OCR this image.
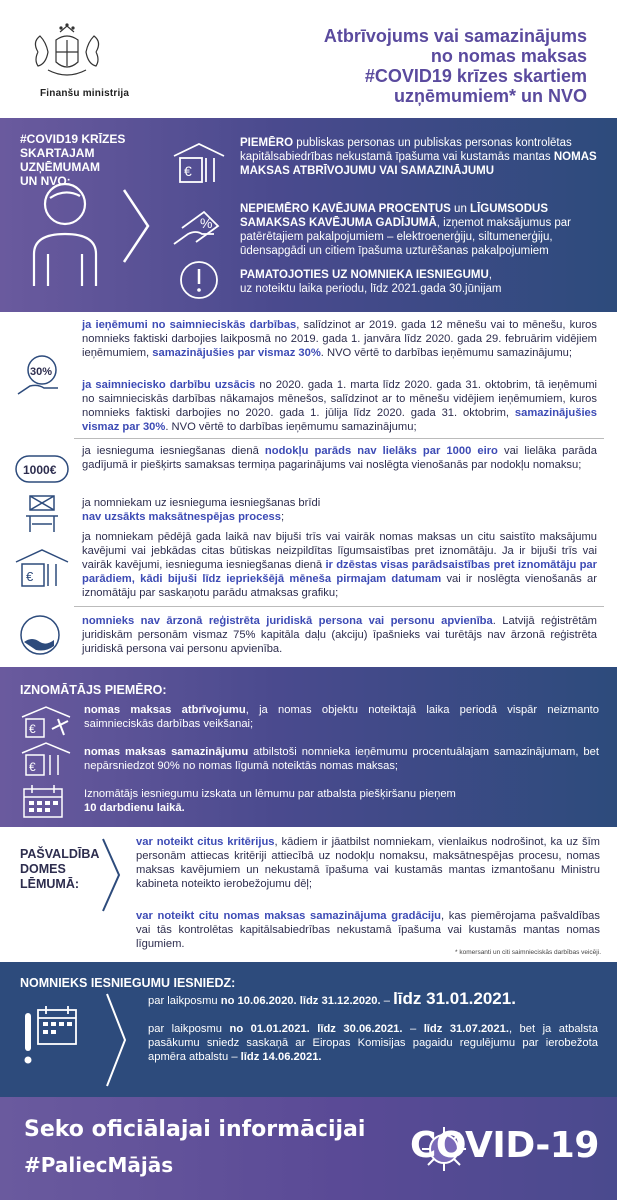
Finanšu ministrija
Atbrīvojums vai samazinājums
no nomas maksas
#COVID19 krīzes skartiem
uzņēmumiem* un NVO
#COVID19 KRĪZES SKARTAJAM
UZŅĒMUMAM
UN NVO:
€
PIEMĒRO publiskas personas un publiskas personas kontrolētas kapitālsabiedrības nekustamā īpašuma vai kustamās mantas NOMAS MAKSAS ATBRĪVOJUMU VAI SAMAZINĀJUMU
%
NEPIEMĒRO KAVĒJUMA PROCENTUS un LĪGUMSODUS SAMAKSAS KAVĒJUMA GADĪJUMĀ, izņemot maksājumus par patērētajiem pakalpojumiem – elektroenerģiju, siltumenerģiju, ūdensapgādi un citiem īpašuma uzturēšanas pakalpojumiem
PAMATOJOTIES UZ NOMNIEKA IESNIEGUMU,
uz noteiktu laika periodu, līdz 2021.gada 30.jūnijam
30%
ja ieņēmumi no saimnieciskās darbības, salīdzinot ar 2019. gada 12 mēnešu vai to mēnešu, kuros nomnieks faktiski darbojies laikposmā no 2019. gada 1. janvāra līdz 2020. gada 29. februārim vidējiem ieņēmumiem, samazinājušies par vismaz 30%. NVO vērtē to darbības ieņēmumu samazinājumu;
ja saimniecisko darbību uzsācis no 2020. gada 1. marta līdz 2020. gada 31. oktobrim, tā ieņēmumi no saimnieciskās darbības nākamajos mēnešos, salīdzinot ar to mēnešu vidējiem ieņēmumiem, kuros nomnieks faktiski darbojies no 2020. gada 1. jūlija līdz 2020. gada 31. oktobrim, samazinājušies vismaz par 30%. NVO vērtē to darbības ieņēmumu samazinājumu;
1000€
ja iesnieguma iesniegšanas dienā nodokļu parāds nav lielāks par 1000 eiro vai lielāka parāda gadījumā ir piešķirts samaksas termiņa pagarinājums vai noslēgta vienošanās par nodokļu nomaksu;
ja nomniekam uz iesnieguma iesniegšanas brīdi
nav uzsākts maksātnespējas process;
€
ja nomniekam pēdējā gada laikā nav bijuši trīs vai vairāk nomas maksas un citu saistīto maksājumu kavējumi vai jebkādas citas būtiskas neizpildītas līgumsaistības pret iznomātāju. Ja ir bijuši trīs vai vairāk kavējumi, iesnieguma iesniegšanas dienā ir dzēstas visas parādsaistības pret iznomātāju par parādiem, kādi bijuši līdz iepriekšējā mēneša pirmajam datumam vai ir noslēgta vienošanās ar iznomātāju par saskaņotu parādu atmaksas grafiku;
nomnieks nav ārzonā reģistrēta juridiskā persona vai personu apvienība. Latvijā reģistrētām juridiskām personām vismaz 75% kapitāla daļu (akciju) īpašnieks vai turētājs nav ārzonā reģistrēta juridiskā persona vai personu apvienība.
IZNOMĀTĀJS PIEMĒRO:
€
nomas maksas atbrīvojumu, ja nomas objektu noteiktajā laika periodā vispār neizmanto saimnieciskās darbības veikšanai;
€
nomas maksas samazinājumu atbilstoši nomnieka ieņēmumu procentuālajam samazinājumam, bet nepārsniedzot 90% no nomas līgumā noteiktās nomas maksas;
Iznomātājs iesniegumu izskata un lēmumu par atbalsta piešķiršanu pieņem
10 darbdienu laikā.
PAŠVALDĪBA
DOMES
LĒMUMĀ:
var noteikt citus kritērijus, kādiem ir jāatbilst nomniekam, vienlaikus nodrošinot, ka uz šīm personām attiecas kritēriji attiecībā uz nodokļu nomaksu, maksātnespējas procesu, nomas maksas kavējumiem un nekustamā īpašuma vai kustamās mantas izmantošanu Ministru kabineta noteikto ierobežojumu dēļ;
var noteikt citu nomas maksas samazinājuma gradāciju, kas piemērojama pašvaldības vai tās kontrolētas kapitālsabiedrības nekustamā īpašuma vai kustamās mantas nomas līgumiem.
* komersanti un citi saimnieciskās darbības veicēji.
NOMNIEKS IESNIEGUMU IESNIEDZ:
par laikposmu no 10.06.2020. līdz 31.12.2020. – līdz 31.01.2021.
par laikposmu no 01.01.2021. līdz 30.06.2021. – līdz 31.07.2021., bet ja atbalsta pasākumu sniedz saskaņā ar Eiropas Komisijas pagaidu regulējumu par ierobežota apmēra atbalstu – līdz 14.06.2021.
Seko oficiālajai informācijai
#PaliecMājās	COVID-19
